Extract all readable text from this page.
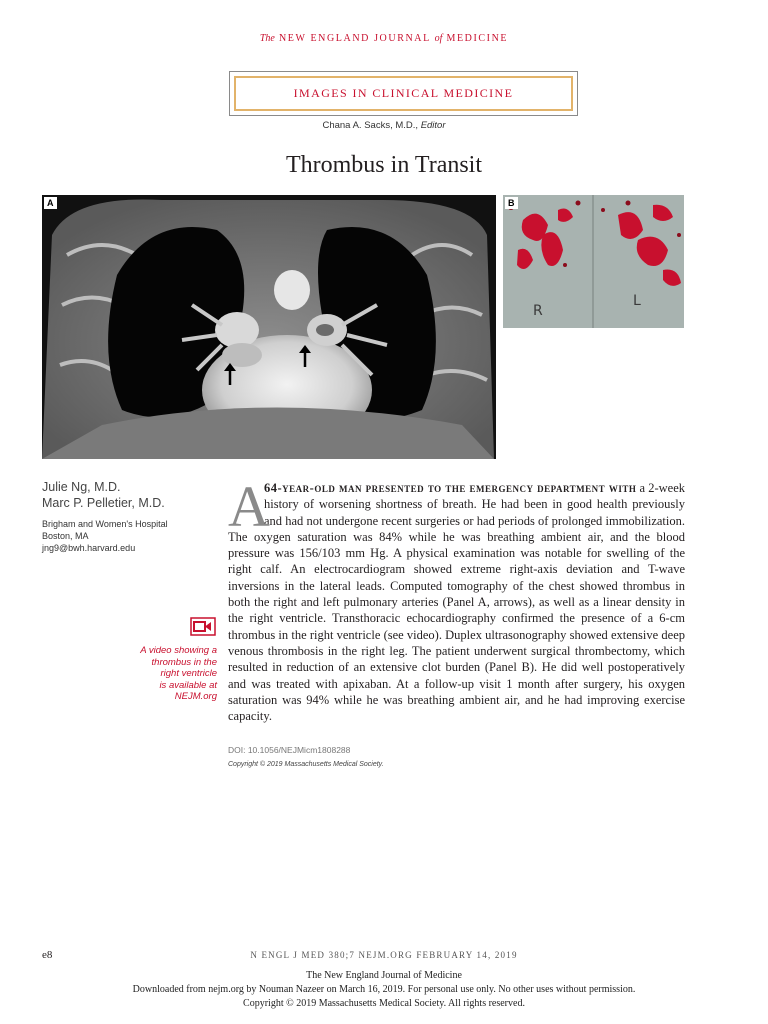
The NEW ENGLAND JOURNAL of MEDICINE
IMAGES IN CLINICAL MEDICINE
Chana A. Sacks, M.D., Editor
Thrombus in Transit
A
R
L
B
Julie Ng, M.D.
Marc P. Pelletier, M.D.
Brigham and Women's Hospital
Boston, MA
jng9@bwh.harvard.edu
A video showing a
thrombus in the
right ventricle
is available at
NEJM.org
64-year-old man presented to the emergency department with a 2-week history of worsening shortness of breath. He had been in good health previously and had not undergone recent surgeries or had periods of prolonged immobilization. The oxygen saturation was 84% while he was breathing ambient air, and the blood pressure was 156/103 mm Hg. A physical examination was notable for swelling of the right calf. An electrocardiogram showed extreme right-axis deviation and T-wave inversions in the lateral leads. Computed tomography of the chest showed thrombus in both the right and left pulmonary arteries (Panel A, arrows), as well as a linear density in the right ventricle. Transthoracic echocardiography confirmed the presence of a 6-cm thrombus in the right ventricle (see video). Duplex ultrasonography showed extensive deep venous thrombosis in the right leg. The patient underwent surgical thrombectomy, which resulted in reduction of an extensive clot burden (Panel B). He did well postoperatively and was treated with apixaban. At a follow-up visit 1 month after surgery, his oxygen saturation was 94% while he was breathing ambient air, and he had improving exercise capacity.
A
DOI: 10.1056/NEJMicm1808288
Copyright © 2019 Massachusetts Medical Society.
e8	N ENGL J MED 380;7 NEJM.ORG FEBRUARY 14, 2019
The New England Journal of Medicine
Downloaded from nejm.org by Nouman Nazeer on March 16, 2019. For personal use only. No other uses without permission.
Copyright © 2019 Massachusetts Medical Society. All rights reserved.
